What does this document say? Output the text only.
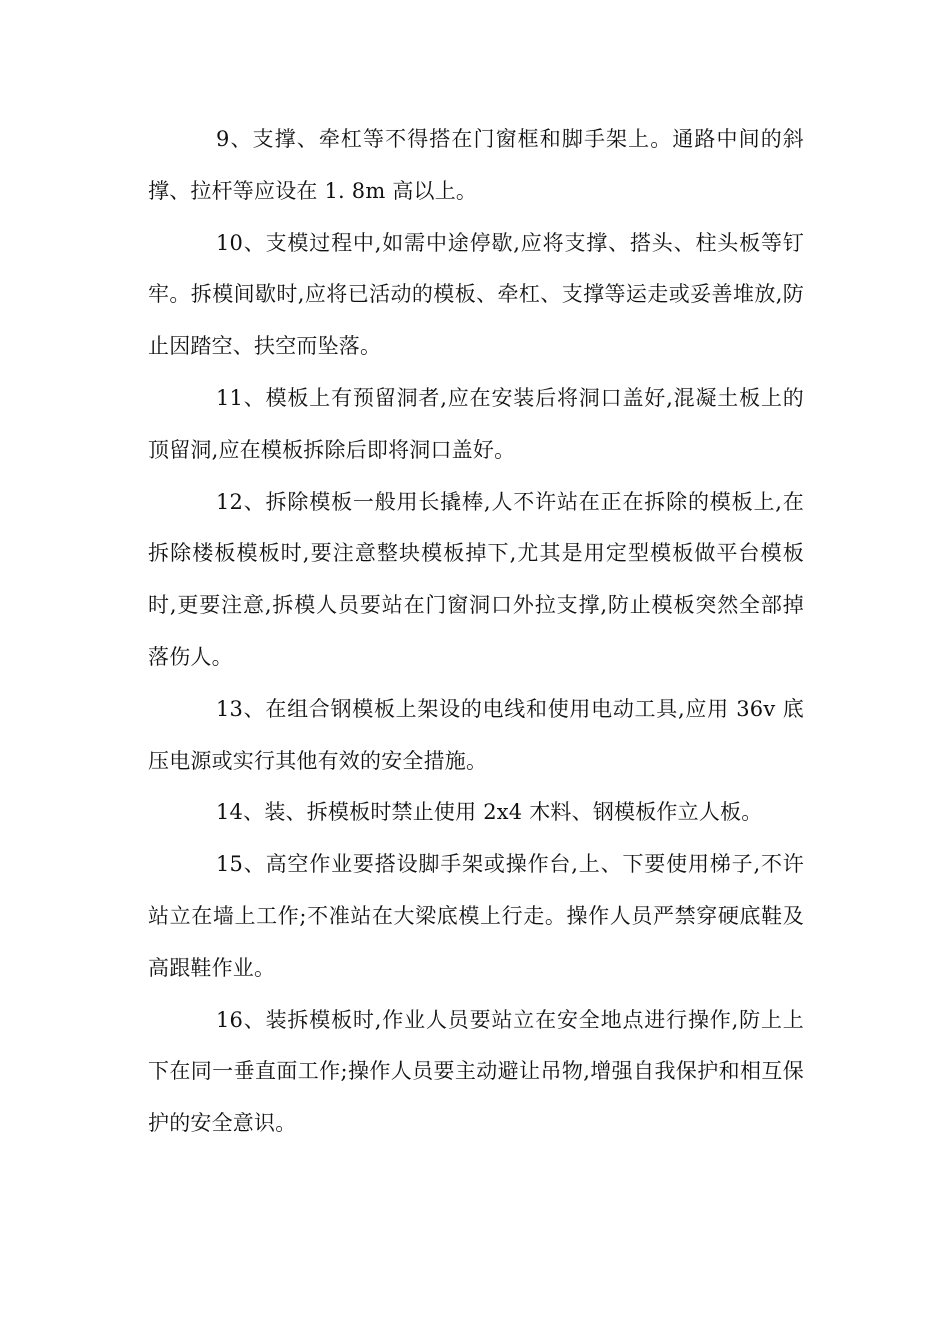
9、支撑、牵杠等不得搭在门窗框和脚手架上。通路中间的斜撑、拉杆等应设在 1. 8m 高以上。

10、支模过程中,如需中途停歇,应将支撑、搭头、柱头板等钉牢。拆模间歇时,应将已活动的模板、牵杠、支撑等运走或妥善堆放,防止因踏空、扶空而坠落。

11、模板上有预留洞者,应在安装后将洞口盖好,混凝土板上的顶留洞,应在模板拆除后即将洞口盖好。

12、拆除模板一般用长撬棒,人不许站在正在拆除的模板上,在拆除楼板模板时,要注意整块模板掉下,尤其是用定型模板做平台模板时,更要注意,拆模人员要站在门窗洞口外拉支撑,防止模板突然全部掉落伤人。

13、在组合钢模板上架设的电线和使用电动工具,应用 36v 底压电源或实行其他有效的安全措施。

14、装、拆模板时禁止使用 2x4 木料、钢模板作立人板。

15、高空作业要搭设脚手架或操作台,上、下要使用梯子,不许站立在墙上工作;不准站在大梁底模上行走。操作人员严禁穿硬底鞋及高跟鞋作业。

16、装拆模板时,作业人员要站立在安全地点进行操作,防上上下在同一垂直面工作;操作人员要主动避让吊物,增强自我保护和相互保护的安全意识。
